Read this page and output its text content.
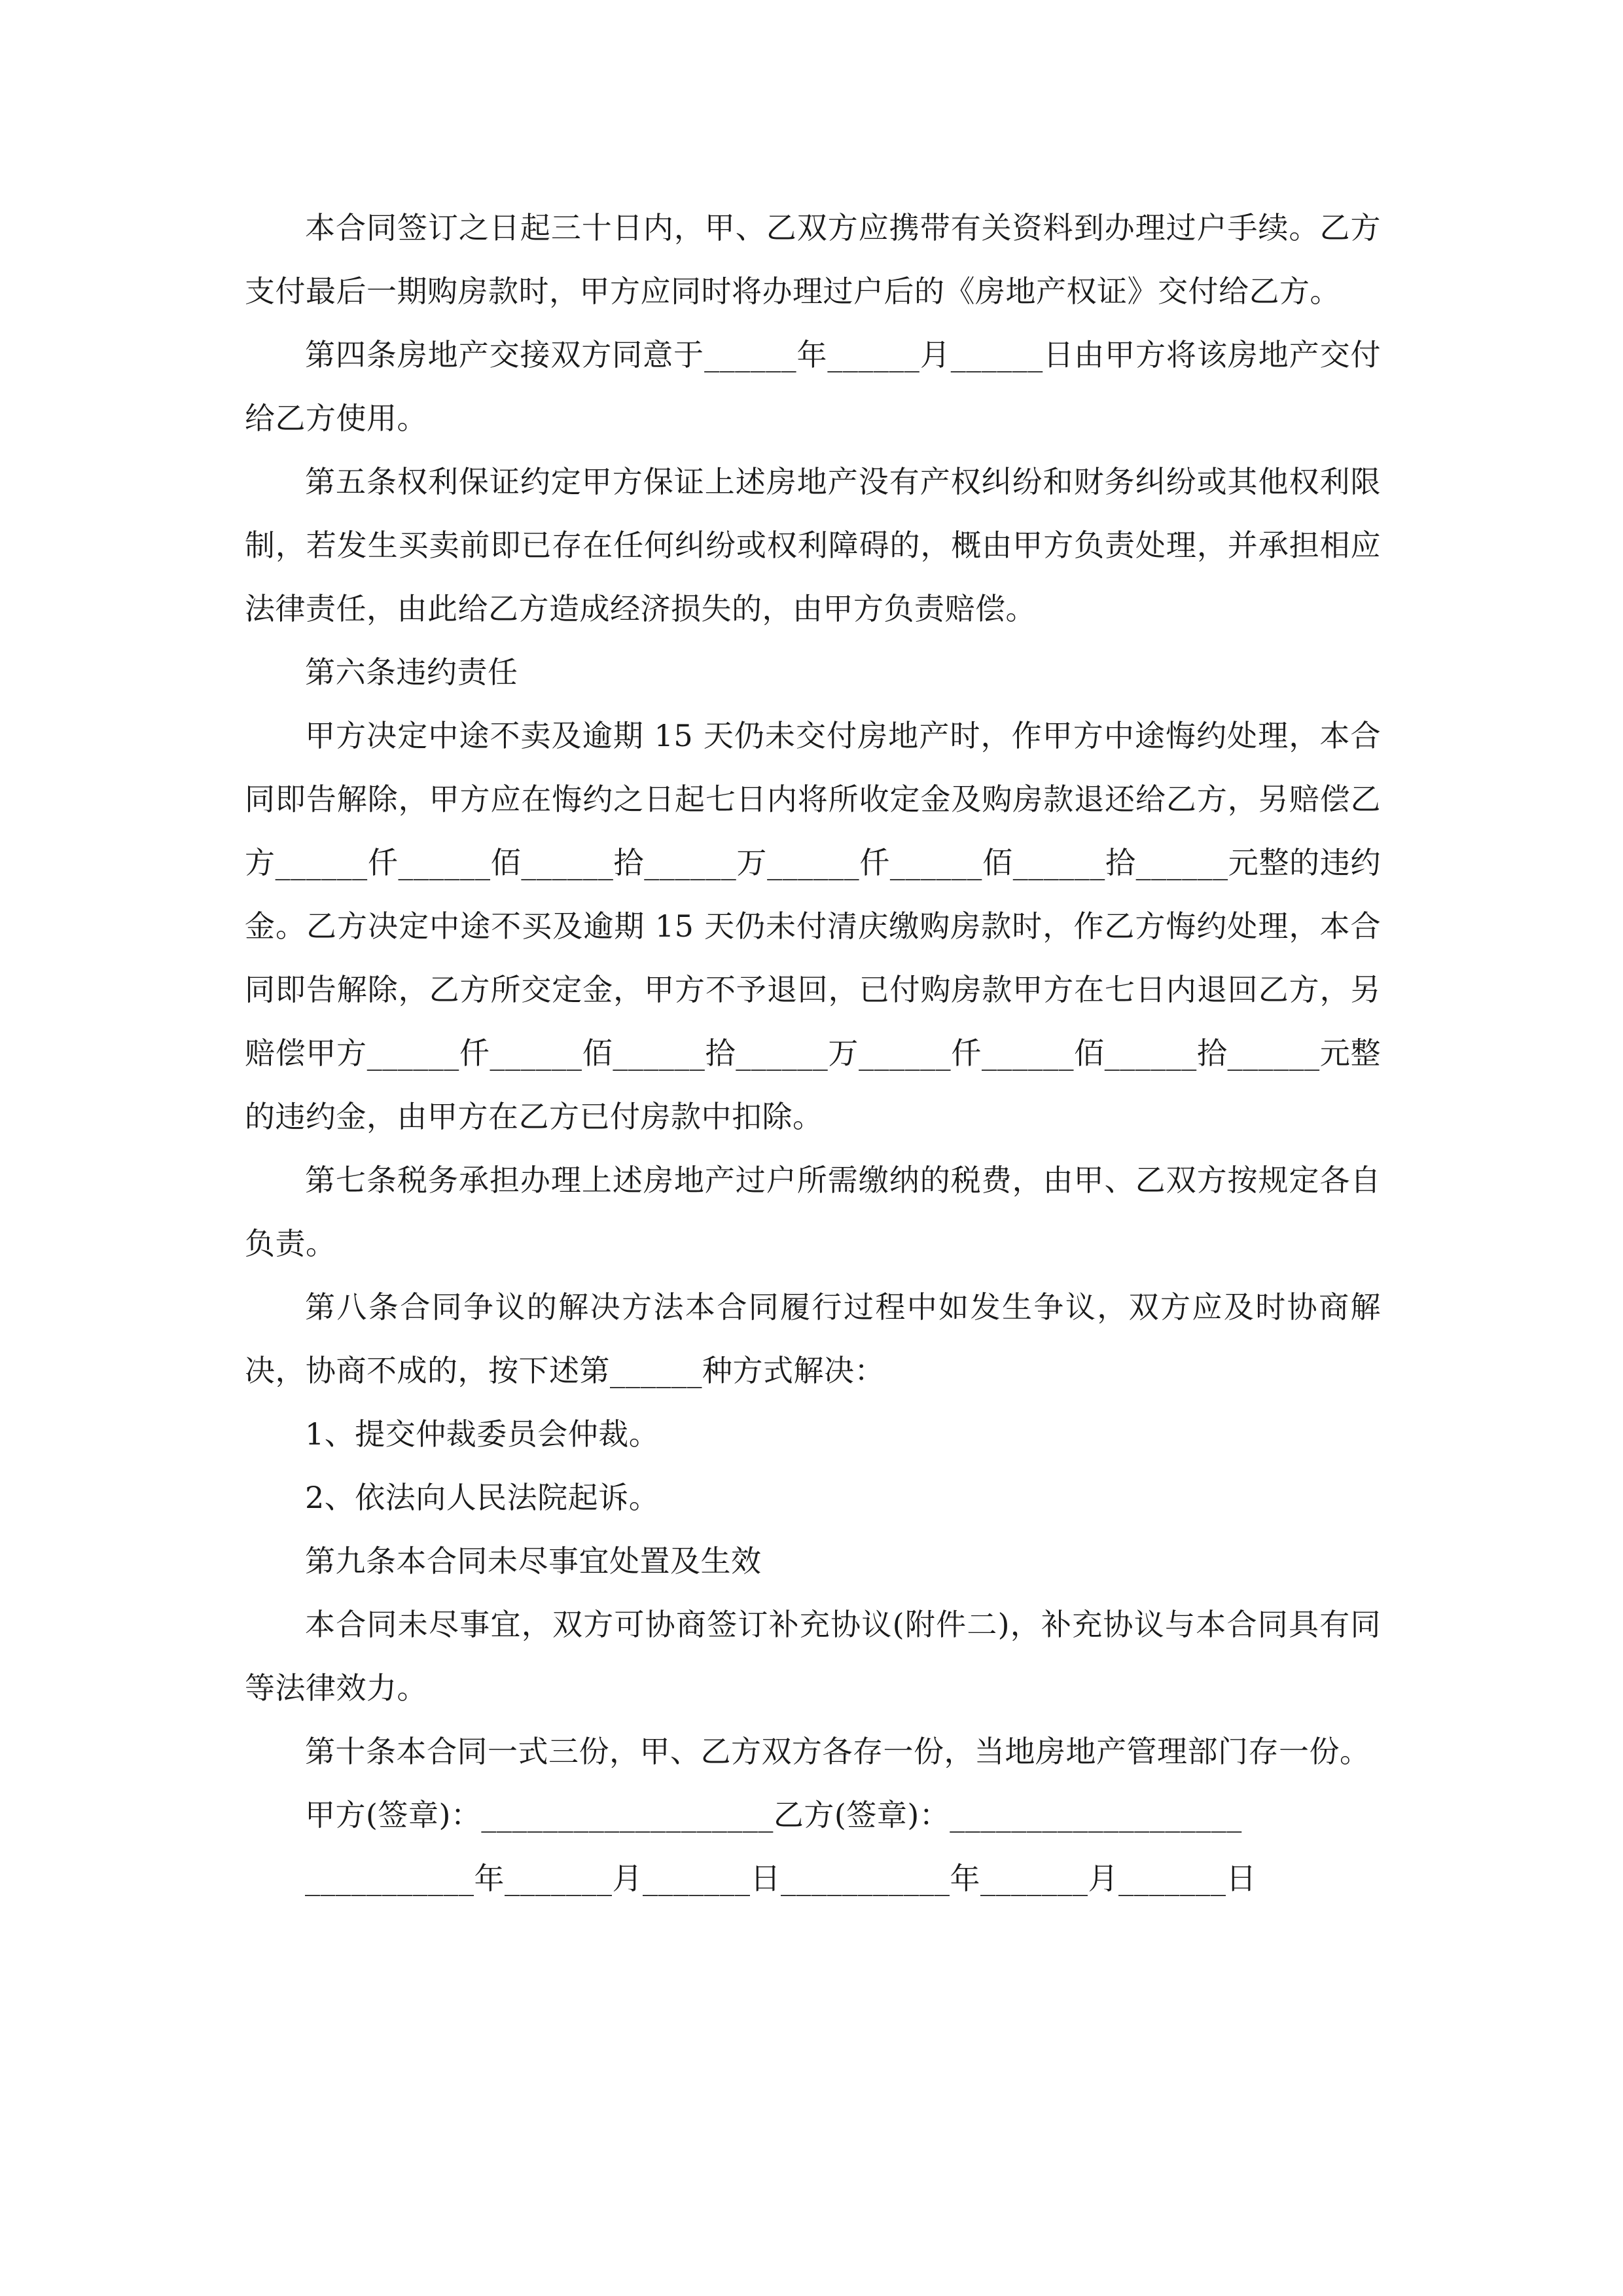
本合同签订之日起三十日内，甲、乙双方应携带有关资料到办理过户手续。乙方支付最后一期购房款时，甲方应同时将办理过户后的《房地产权证》交付给乙方。

第四条房地产交接双方同意于______年______月______日由甲方将该房地产交付给乙方使用。

第五条权利保证约定甲方保证上述房地产没有产权纠纷和财务纠纷或其他权利限制，若发生买卖前即已存在任何纠纷或权利障碍的，概由甲方负责处理，并承担相应法律责任，由此给乙方造成经济损失的，由甲方负责赔偿。

第六条违约责任

甲方决定中途不卖及逾期 15 天仍未交付房地产时，作甲方中途悔约处理，本合同即告解除，甲方应在悔约之日起七日内将所收定金及购房款退还给乙方，另赔偿乙方______仟______佰______拾______万______仟______佰______拾______元整的违约金。乙方决定中途不买及逾期 15 天仍未付清庆缴购房款时，作乙方悔约处理，本合同即告解除，乙方所交定金，甲方不予退回，已付购房款甲方在七日内退回乙方，另赔偿甲方______仟______佰______拾______万______仟______佰______拾______元整的违约金，由甲方在乙方已付房款中扣除。

第七条税务承担办理上述房地产过户所需缴纳的税费，由甲、乙双方按规定各自负责。

第八条合同争议的解决方法本合同履行过程中如发生争议，双方应及时协商解决，协商不成的，按下述第______种方式解决：

1、提交仲裁委员会仲裁。

2、依法向人民法院起诉。

第九条本合同未尽事宜处置及生效

本合同未尽事宜，双方可协商签订补充协议(附件二)，补充协议与本合同具有同等法律效力。

第十条本合同一式三份，甲、乙方双方各存一份，当地房地产管理部门存一份。

甲方(签章)：___________________乙方(签章)：___________________

___________年_______月_______日___________年_______月_______日
